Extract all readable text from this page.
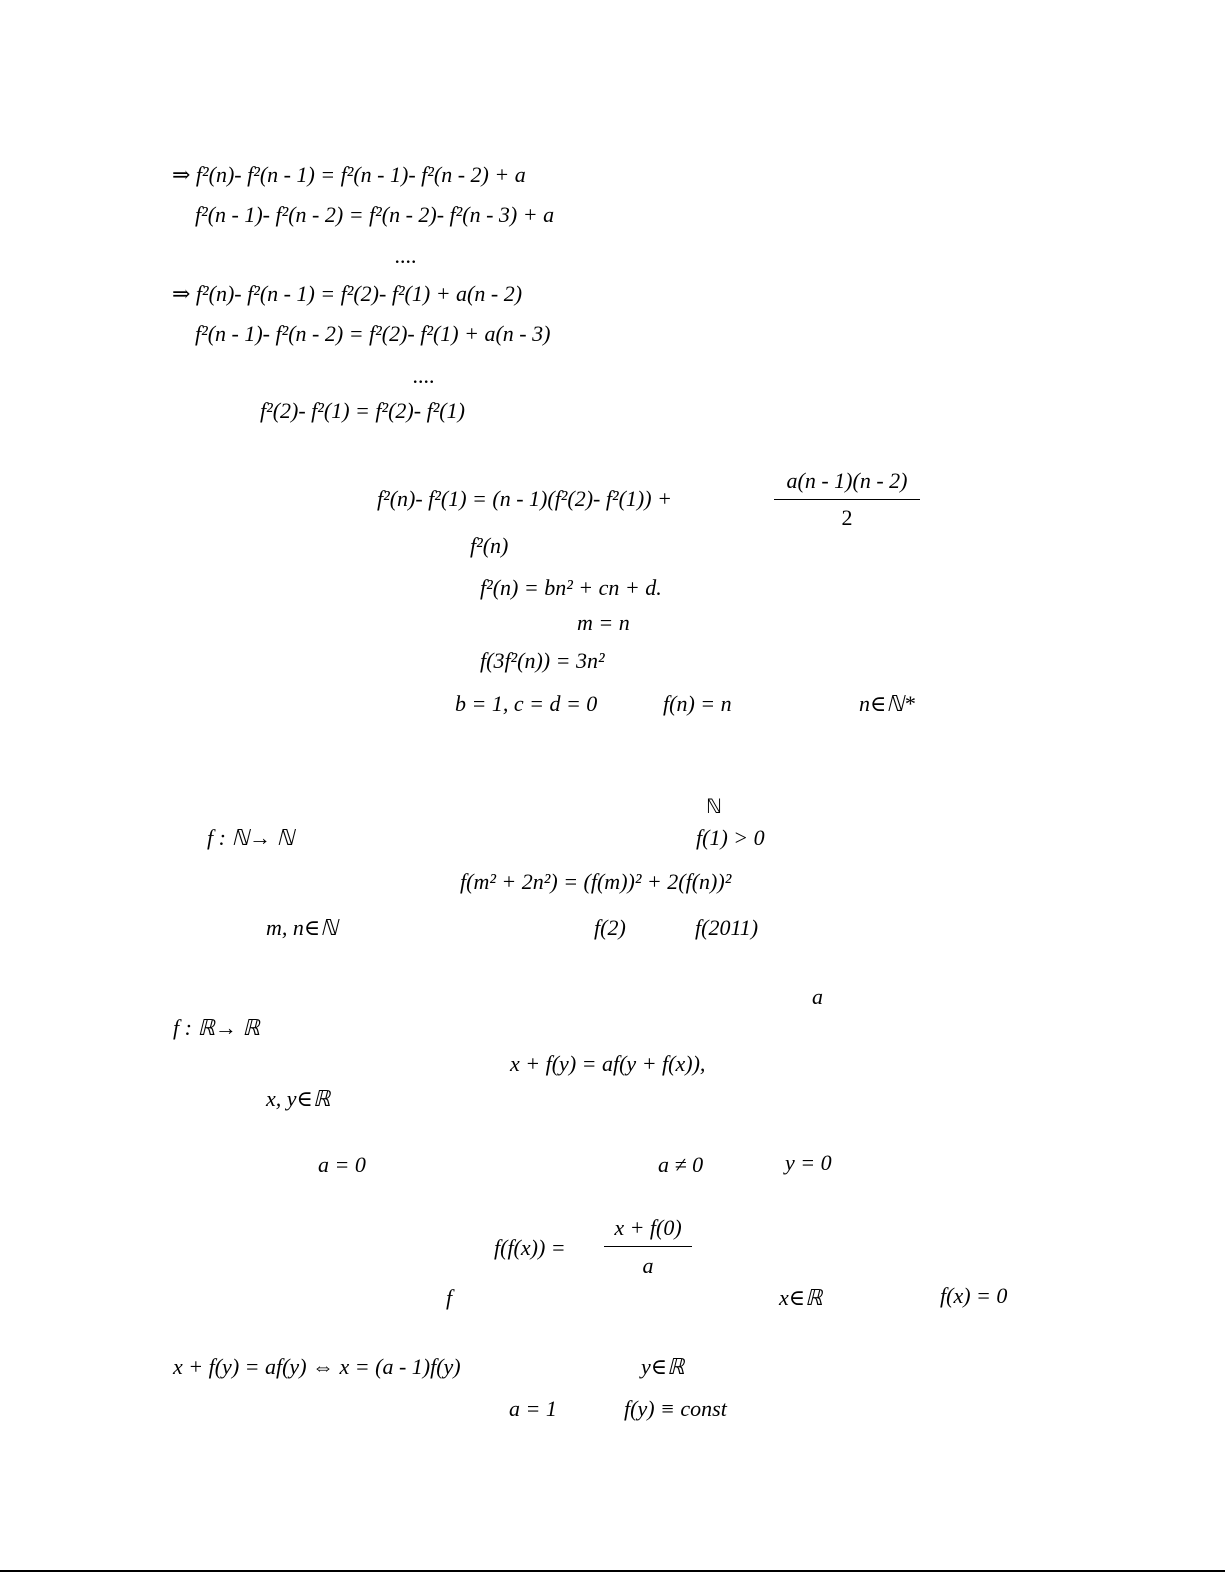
⇒ f²(n)- f²(n - 1) = f²(n - 1)- f²(n - 2) + a
f²(n - 1)- f²(n - 2) = f²(n - 2)- f²(n - 3) + a
....
⇒ f²(n)- f²(n - 1) = f²(2)- f²(1) + a(n - 2)
f²(n - 1)- f²(n - 2) = f²(2)- f²(1) + a(n - 3)
....
f²(2)- f²(1) = f²(2)- f²(1)
f²(n)- f²(1) = (n - 1)(f²(2)- f²(1)) +
a(n - 1)(n - 2)
2
f²(n)
f²(n) = bn² + cn + d.
m = n
f(3f²(n)) = 3n²
b = 1, c = d = 0	f(n) = n	n∈ℕ*
ℕ
f : ℕ→ ℕ	f(1) > 0
f(m² + 2n²) = (f(m))² + 2(f(n))²
m, n∈ℕ	f(2)	f(2011)
a
f : ℝ→ ℝ
x + f(y) = af(y + f(x)),
x, y∈ℝ
a = 0	a ≠ 0	y = 0
f(f(x)) =
x + f(0)
a
f	x∈ℝ	f(x) = 0
x + f(y) = af(y) ⇔ x = (a - 1)f(y)	y∈ℝ
a = 1	f(y) ≡ const
